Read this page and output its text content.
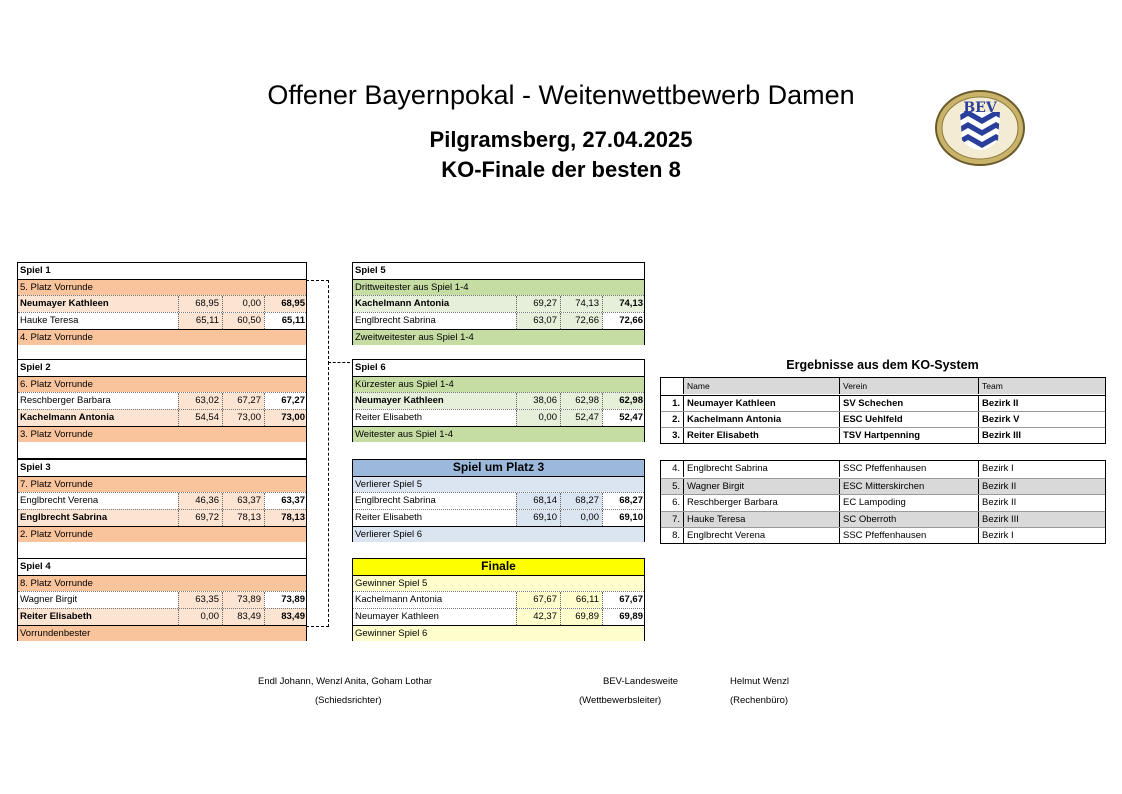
Offener Bayernpokal - Weitenwettbewerb Damen
Pilgramsberg, 27.04.2025
KO-Finale der besten 8
BEV
Spiel 1
5. Platz Vorrunde
Neumayer Kathleen	68,95	0,00	68,95
Hauke Teresa	65,11	60,50	65,11
4. Platz Vorrunde
Spiel 2
6. Platz Vorrunde
Reschberger Barbara	63,02	67,27	67,27
Kachelmann Antonia	54,54	73,00	73,00
3. Platz Vorrunde
Spiel 3
7. Platz Vorrunde
Englbrecht Verena	46,36	63,37	63,37
Englbrecht Sabrina	69,72	78,13	78,13
2. Platz Vorrunde
Spiel 4
8. Platz Vorrunde
Wagner Birgit	63,35	73,89	73,89
Reiter Elisabeth	0,00	83,49	83,49
Vorrundenbester
Spiel 5
Drittweitester aus Spiel 1-4
Kachelmann Antonia	69,27	74,13	74,13
Englbrecht Sabrina	63,07	72,66	72,66
Zweitweitester aus Spiel 1-4
Spiel 6
Kürzester aus Spiel 1-4
Neumayer Kathleen	38,06	62,98	62,98
Reiter Elisabeth	0,00	52,47	52,47
Weitester aus Spiel 1-4
Spiel um Platz 3
Verlierer Spiel 5
Englbrecht Sabrina	68,14	68,27	68,27
Reiter Elisabeth	69,10	0,00	69,10
Verlierer Spiel 6
Finale
Gewinner Spiel 5
Kachelmann Antonia	67,67	66,11	67,67
Neumayer Kathleen	42,37	69,89	69,89
Gewinner Spiel 6
Ergebnisse aus dem KO-System
Name	Verein	Team
1. Neumayer Kathleen	SV Schechen	Bezirk II
2. Kachelmann Antonia	ESC Uehlfeld	Bezirk V
3. Reiter Elisabeth	TSV Hartpenning	Bezirk III
4. Englbrecht Sabrina	SSC Pfeffenhausen	Bezirk I
5. Wagner Birgit	ESC Mitterskirchen	Bezirk II
6. Reschberger Barbara	EC Lampoding	Bezirk II
7. Hauke Teresa	SC Oberroth	Bezirk III
8. Englbrecht Verena	SSC Pfeffenhausen	Bezirk I
Endl Johann, Wenzl Anita, Goham Lothar
(Schiedsrichter)
BEV-Landesweite
(Wettbewerbsleiter)
Helmut Wenzl
(Rechenbüro)
